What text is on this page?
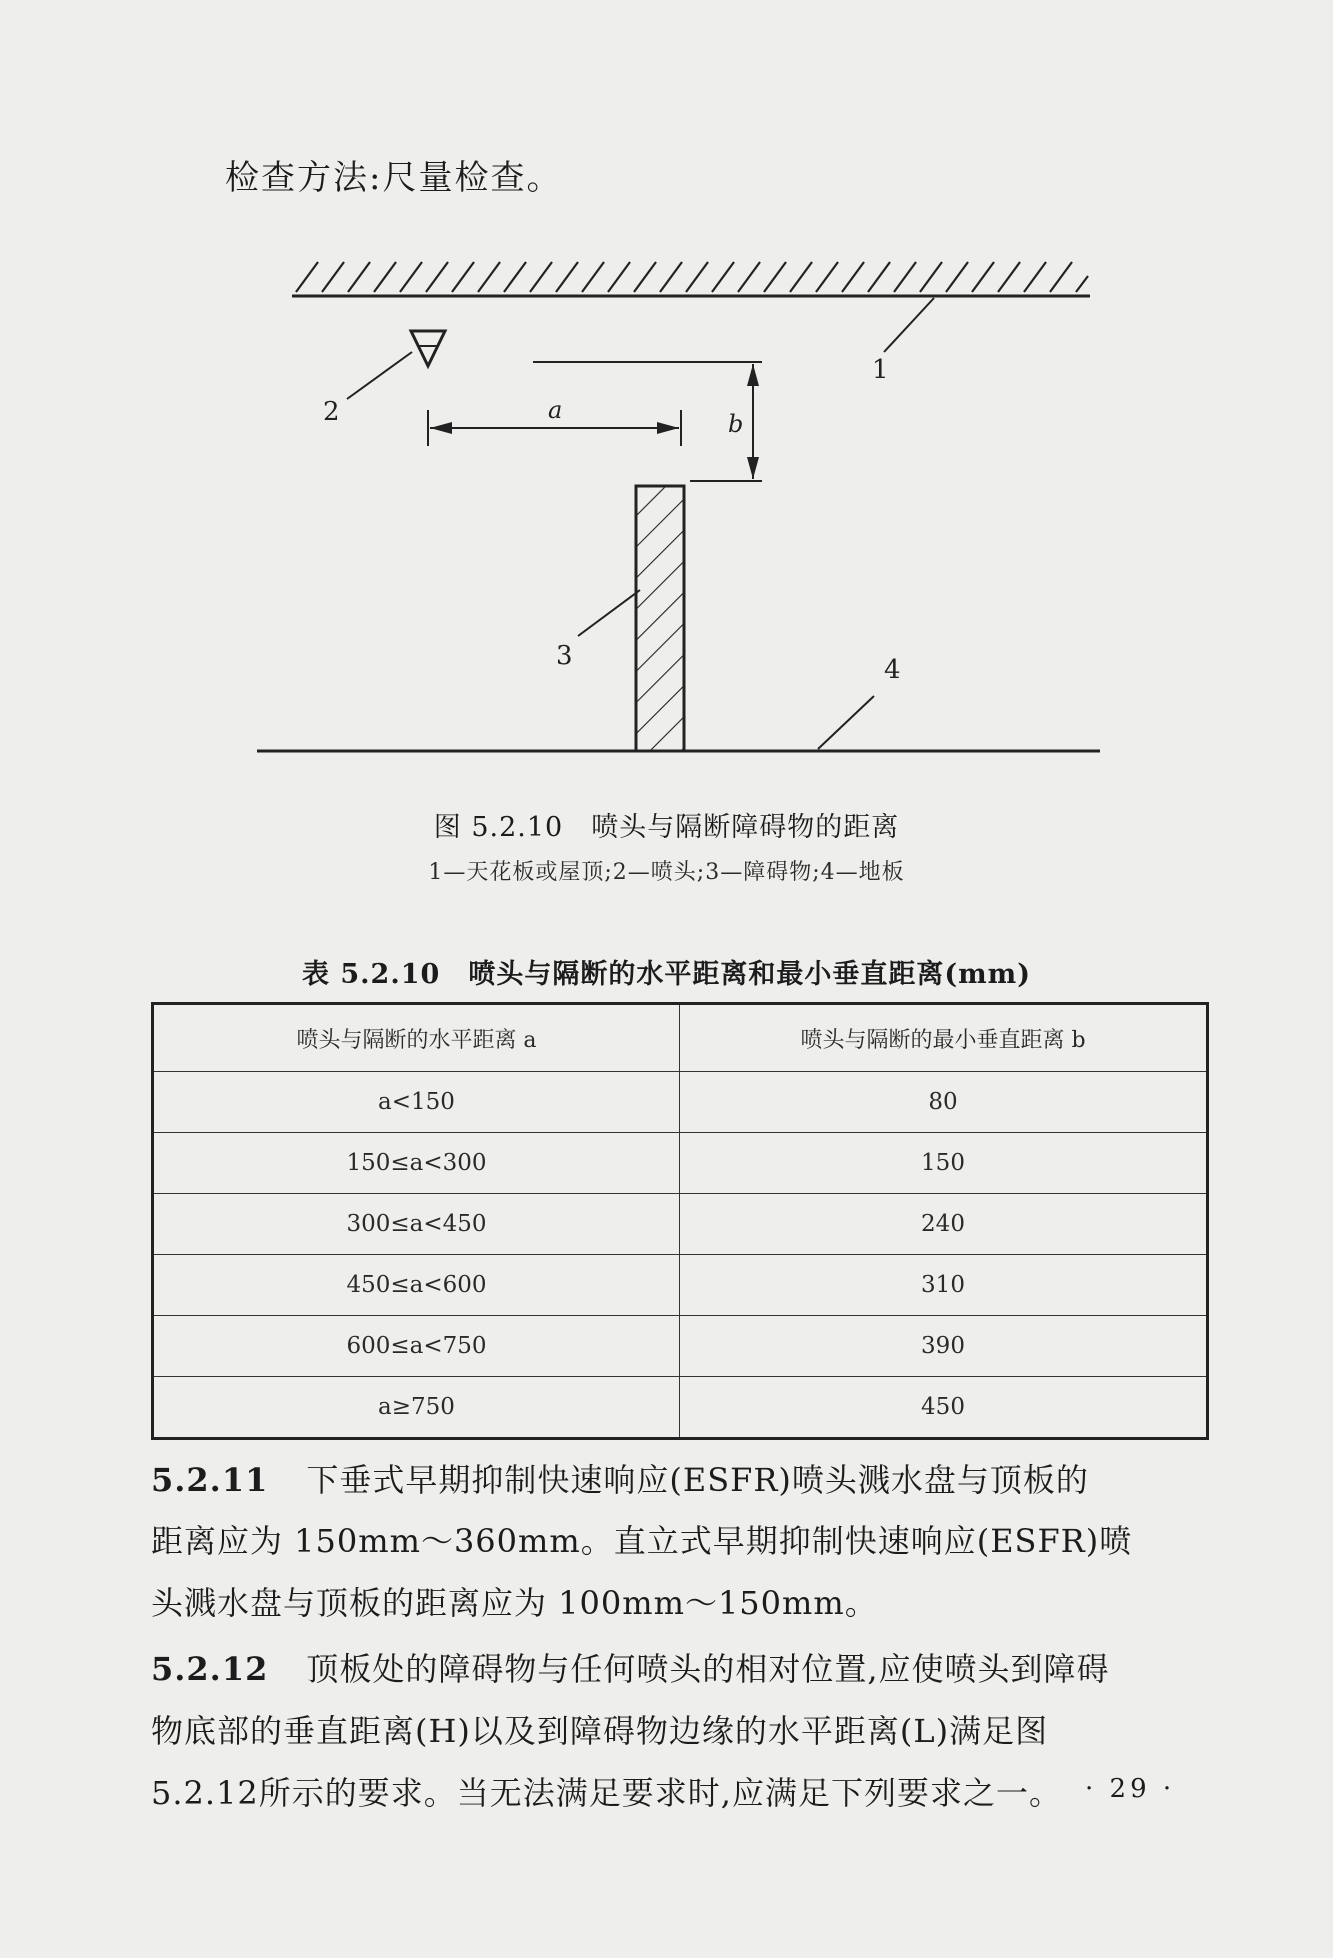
检查方法:尺量检查。
1
2	a	b
3	4
图 5.2.10　喷头与隔断障碍物的距离
1—天花板或屋顶;2—喷头;3—障碍物;4—地板
表 5.2.10　喷头与隔断的水平距离和最小垂直距离(mm)
喷头与隔断的水平距离 a	喷头与隔断的最小垂直距离 b
a<150	80
150≤a<300	150
300≤a<450	240
450≤a<600	310
600≤a<750	390
a≥750	450
5.2.11 下垂式早期抑制快速响应(ESFR)喷头溅水盘与顶板的
距离应为 150mm～360mm。直立式早期抑制快速响应(ESFR)喷
头溅水盘与顶板的距离应为 100mm～150mm。
5.2.12 顶板处的障碍物与任何喷头的相对位置,应使喷头到障碍
物底部的垂直距离(H)以及到障碍物边缘的水平距离(L)满足图
5.2.12所示的要求。当无法满足要求时,应满足下列要求之一。 · 29 ·
